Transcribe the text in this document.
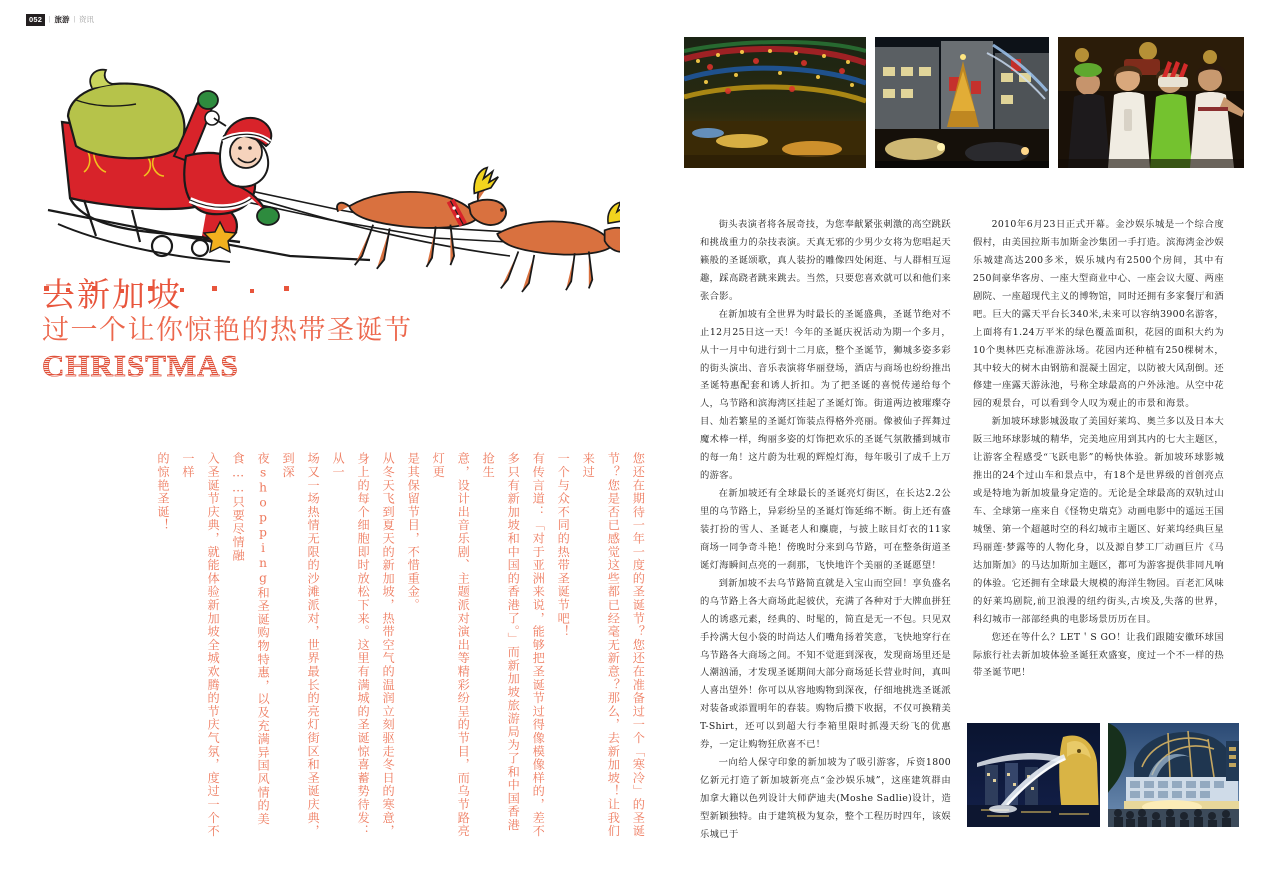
052	| 旅游 | 资讯
去新加坡
过一个让你惊艳的热带圣诞节
CHRISTMAS
您还在期待一年一度的圣诞节？您还在准备过一个「寒冷」的圣诞
节？您是否已感觉这些都已经毫无新意？那么，去新加坡！让我们来过
一个与众不同的热带圣诞节吧！
有传言道：「对于亚洲来说，能够把圣诞节过得像模像样的，差不
多只有新加坡和中国的香港了。」而新加坡旅游局为了和中国香港抢生
意，设计出音乐剧、主题派对演出等精彩纷呈的节目，而乌节路亮灯更
是其保留节目，不惜重金。
从冬天飞到夏天的新加坡，热带空气的温润立刻驱走冬日的寒意，
身上的每个细胞即时放松下来。这里有满城的圣诞惊喜蓄势待发：从一
场又一场热情无限的沙滩派对，世界最长的亮灯街区和圣诞庆典，到深
夜shopping和圣诞购物特惠，以及充满异国风情的美食……只要尽情融
入圣诞节庆典，就能体验新加坡全城欢腾的节庆气氛，度过一个不一样
的惊艳圣诞！

街头表演者将各展奇技，为您奉献紧张刺激的高空跳跃和挑战重力的杂技表演。天真无邪的少男少女将为您唱起天籁般的圣诞颂歌，真人装扮的雕像四处闲逛、与人群相互逗趣，踩高跷者跳来跳去。当然，只要您喜欢就可以和他们来张合影。

在新加坡有全世界为时最长的圣诞盛典，圣诞节绝对不止12月25日这一天！今年的圣诞庆祝活动为期一个多月，从十一月中旬进行到十二月底，整个圣诞节，狮城多姿多彩的街头演出、音乐表演将华丽登场，酒店与商场也纷纷推出圣诞特惠配套和诱人折扣。为了把圣诞的喜悦传递给每个人，乌节路和滨海湾区挂起了圣诞灯饰。街道两边被璀璨夺目、灿若繁星的圣诞灯饰装点得格外亮丽。像被仙子挥舞过魔术棒一样，绚丽多姿的灯饰把欢乐的圣诞气氛散播到城市的每一角！这片蔚为壮观的辉煌灯海，每年吸引了成千上万的游客。

在新加坡还有全球最长的圣诞亮灯街区，在长达2.2公里的乌节路上，异彩纷呈的圣诞灯饰延绵不断。街上还有盛装打扮的雪人、圣诞老人和麋鹿，与披上眩目灯衣的11家商场一同争奇斗艳！傍晚时分来到乌节路，可在整条街道圣诞灯海瞬间点亮的一刹那，飞快地许个美丽的圣诞愿望！

到新加坡不去乌节路简直就是入宝山而空回！享负盛名的乌节路上各大商场此起彼伏，充满了各种对于大牌血拼狂人的诱惑元素，经典的、时髦的，简直是无一不包。只见双手拎满大包小袋的时尚达人们嘴角扬着笑意，飞快地穿行在乌节路各大商场之间。不知不觉逛到深夜，发现商场里还是人潮汹涌，才发现圣诞期间大部分商场延长营业时间，真叫人喜出望外！你可以从容地购物到深夜，仔细地挑选圣诞派对装备或添置明年的春装。购物后攒下收据，不仅可换精美T-Shirt，还可以到超大行李箱里限时抓漫天纷飞的优惠券，一定让购物狂欣喜不已！

一向给人保守印象的新加坡为了吸引游客，斥资1800亿新元打造了新加坡新亮点“金沙娱乐城”，这座建筑群由加拿大籍以色列设计大师萨迪夫(Moshe Sadlie)设计，造型新颖独特。由于建筑极为复杂，整个工程历时四年，该娱乐城已于

2010年6月23日正式开幕。金沙娱乐城是一个综合度假村，由美国拉斯韦加斯金沙集团一手打造。滨海湾金沙娱乐城建高达200多米，娱乐城内有2500个房间，其中有250间豪华客房、一座大型商业中心、一座会议大厦、两座剧院、一座超现代主义的博物馆，同时还拥有多家餐厅和酒吧。巨大的露天平台长340米,未来可以容纳3900名游客，上面将有1.24万平米的绿色覆盖面积，花园的面积大约为10个奥林匹克标准游泳场。花园内还种植有250棵树木，其中较大的树木由钢筋和混凝土固定，以防被大风刮倒。还修建一座露天游泳池，号称全球最高的户外泳池。从空中花园的观景台，可以看到令人叹为观止的市景和海景。

新加坡环球影城汲取了美国好莱坞、奥兰多以及日本大阪三地环球影城的精华，完美地应用到其内的七大主题区，让游客全程感受“飞跃电影”的畅快体验。新加坡环球影城推出的24个过山车和景点中，有18个是世界级的首创亮点或是特地为新加坡量身定造的。无论是全球最高的双轨过山车、全球第一座来自《怪物史瑞克》动画电影中的遥远王国城堡、第一个超越时空的科幻城市主题区、好莱坞经典巨星玛丽莲·梦露等的人物化身，以及源自梦工厂动画巨片《马达加斯加》的马达加斯加主题区，都可为游客提供非同凡响的体验。它还拥有全球最大规模的海洋生物园。百老汇风味的好莱坞剧院,前卫浪漫的纽约街头,古埃及,失落的世界，科幻城市一部部经典的电影场景历历在目。

您还在等什么？LET＇S GO！让我们跟随安徽环球国际旅行社去新加坡体验圣诞狂欢盛宴，度过一个不一样的热带圣诞节吧！
